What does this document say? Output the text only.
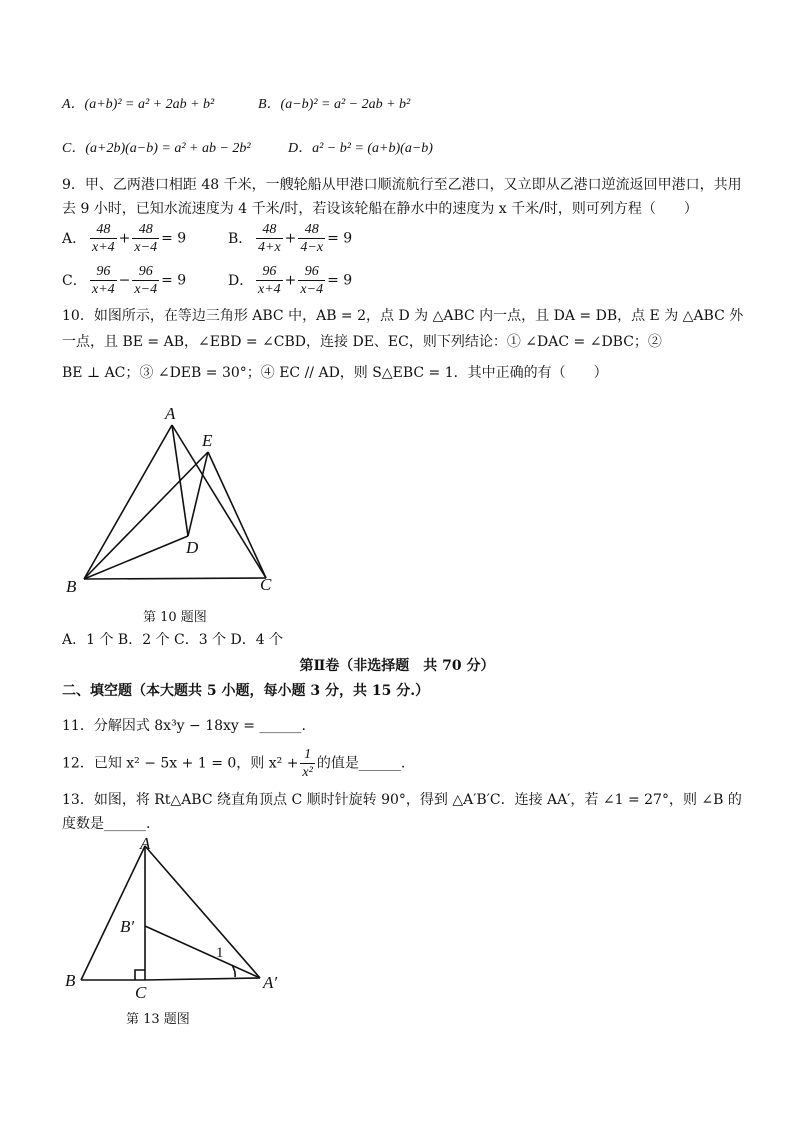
A．(a+b)² = a² + 2ab + b²	B．(a−b)² = a² − 2ab + b²
C．(a+2b)(a−b) = a² + ab − 2b²	D．a² − b² = (a+b)(a−b)
9．甲、乙两港口相距 48 千米，一艘轮船从甲港口顺流航行至乙港口，又立即从乙港口逆流返回甲港口，共用
去 9 小时，已知水流速度为 4 千米/时，若设该轮船在静水中的速度为 x 千米/时，则可列方程（　　）
A． $\frac{48}{x+4} + \frac{48}{x-4} = 9$	B． $\frac{48}{4+x} + \frac{48}{4-x} = 9$
C． $\frac{96}{x+4} - \frac{96}{x-4} = 9$	D． $\frac{96}{x+4} + \frac{96}{x-4} = 9$
10．如图所示，在等边三角形 ABC 中，AB = 2，点 D 为 △ABC 内一点，且 DA = DB，点 E 为 △ABC 外
一点，且 BE = AB，∠EBD = ∠CBD，连接 DE、EC，则下列结论：① ∠DAC = ∠DBC；②
BE ⊥ AC；③ ∠DEB = 30°；④ EC // AD，则 S△EBC = 1．其中正确的有（　　）
A
E
D
B	C
第 10 题图
A．1 个 B．2 个 C．3 个 D．4 个
第Ⅱ卷（非选择题　共 70 分）
二、填空题（本大题共 5 小题，每小题 3 分，共 15 分.）
11．分解因式 8x³y − 18xy = ______.
12．已知 x² − 5x + 1 = 0，则 $x^2 + \frac{1}{\text{x²}}$ 的值是______.
13．如图，将 Rt△ABC 绕直角顶点 C 顺时针旋转 90°，得到 △A′B′C．连接 AA′，若 ∠1 = 27°，则 ∠B 的
度数是______.
A
B′
1
B
C
A′
第 13 题图
